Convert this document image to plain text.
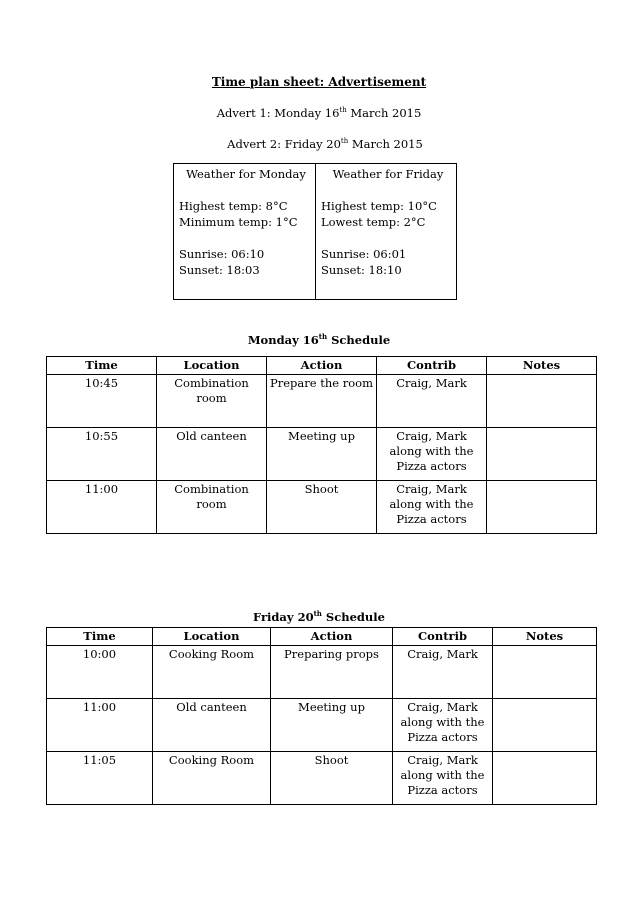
Time plan sheet: Advertisement
Advert 1: Monday 16th March 2015
Advert 2: Friday 20th March 2015
Weather for Monday
Highest temp: 8°C
Minimum temp: 1°C
Sunrise: 06:10
Sunset: 18:03
Weather for Friday
Highest temp: 10°C
Lowest temp: 2°C
Sunrise: 06:01
Sunset: 18:10
Monday 16th Schedule
Time	Location	Action	Contrib	Notes
10:45	Combination room	Prepare the room	Craig, Mark	
10:55	Old canteen	Meeting up	Craig, Mark along with the Pizza actors	
11:00	Combination room	Shoot	Craig, Mark along with the Pizza actors	
Friday 20th Schedule
Time	Location	Action	Contrib	Notes
10:00	Cooking Room	Preparing props	Craig, Mark	
11:00	Old canteen	Meeting up	Craig, Mark along with the Pizza actors	
11:05	Cooking Room	Shoot	Craig, Mark along with the Pizza actors	
